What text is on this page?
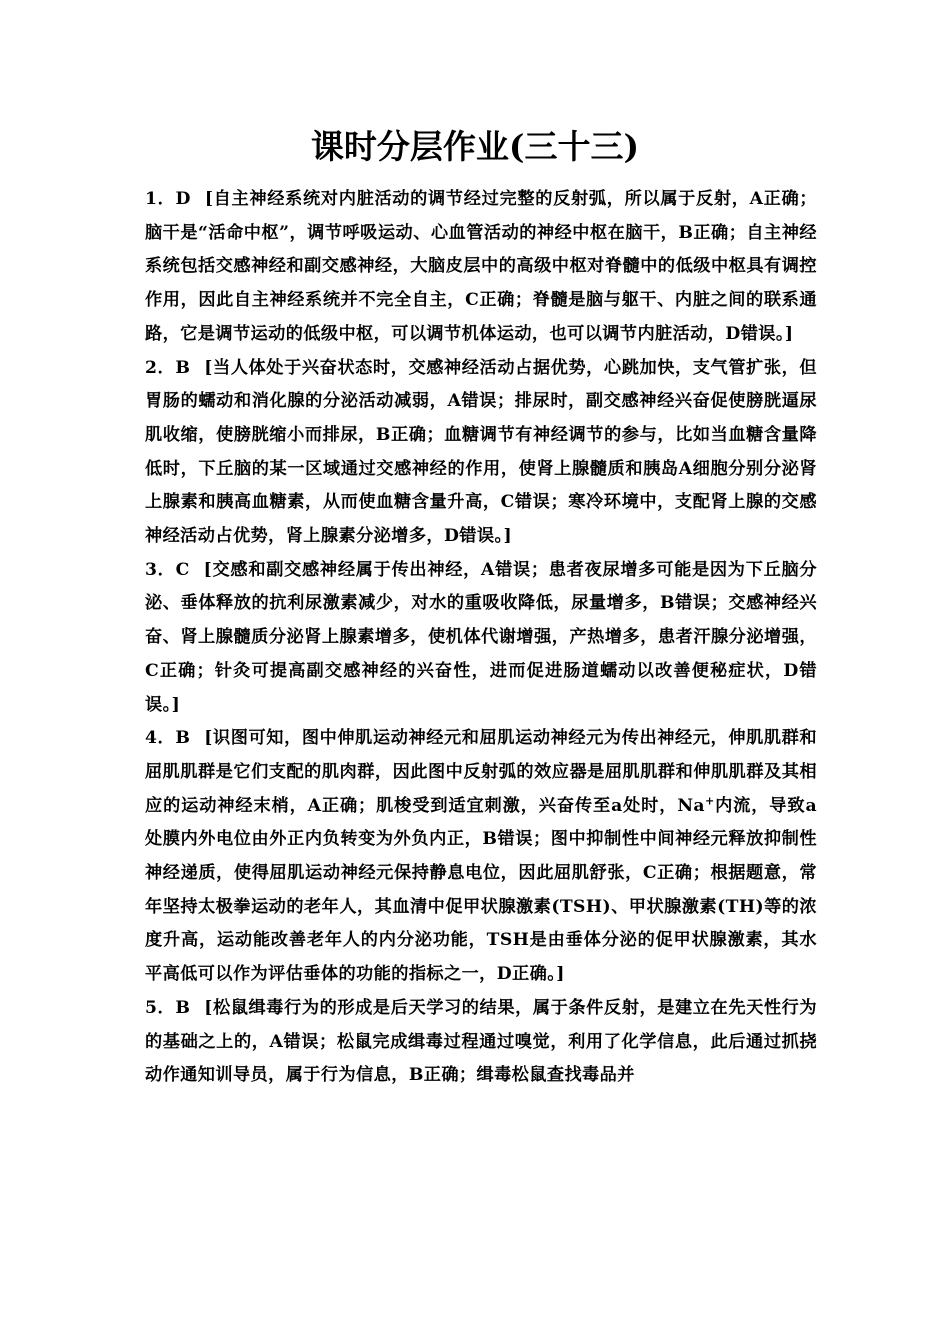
课时分层作业(三十三)

1．D [自主神经系统对内脏活动的调节经过完整的反射弧，所以属于反射，A正确；脑干是“活命中枢”，调节呼吸运动、心血管活动的神经中枢在脑干，B正确；自主神经系统包括交感神经和副交感神经，大脑皮层中的高级中枢对脊髓中的低级中枢具有调控作用，因此自主神经系统并不完全自主，C正确；脊髓是脑与躯干、内脏之间的联系通路，它是调节运动的低级中枢，可以调节机体运动，也可以调节内脏活动，D错误。]

2．B [当人体处于兴奋状态时，交感神经活动占据优势，心跳加快，支气管扩张，但胃肠的蠕动和消化腺的分泌活动减弱，A错误；排尿时，副交感神经兴奋促使膀胱逼尿肌收缩，使膀胱缩小而排尿，B正确；血糖调节有神经调节的参与，比如当血糖含量降低时，下丘脑的某一区域通过交感神经的作用，使肾上腺髓质和胰岛A细胞分别分泌肾上腺素和胰高血糖素，从而使血糖含量升高，C错误；寒冷环境中，支配肾上腺的交感神经活动占优势，肾上腺素分泌增多，D错误。]

3．C [交感和副交感神经属于传出神经，A错误；患者夜尿增多可能是因为下丘脑分泌、垂体释放的抗利尿激素减少，对水的重吸收降低，尿量增多，B错误；交感神经兴奋、肾上腺髓质分泌肾上腺素增多，使机体代谢增强，产热增多，患者汗腺分泌增强，C正确；针灸可提高副交感神经的兴奋性，进而促进肠道蠕动以改善便秘症状，D错误。]

4．B [识图可知，图中伸肌运动神经元和屈肌运动神经元为传出神经元，伸肌肌群和屈肌肌群是它们支配的肌肉群，因此图中反射弧的效应器是屈肌肌群和伸肌肌群及其相应的运动神经末梢，A正确；肌梭受到适宜刺激，兴奋传至a处时，Na+内流，导致a处膜内外电位由外正内负转变为外负内正，B错误；图中抑制性中间神经元释放抑制性神经递质，使得屈肌运动神经元保持静息电位，因此屈肌舒张，C正确；根据题意，常年坚持太极拳运动的老年人，其血清中促甲状腺激素(TSH)、甲状腺激素(TH)等的浓度升高，运动能改善老年人的内分泌功能，TSH是由垂体分泌的促甲状腺激素，其水平高低可以作为评估垂体的功能的指标之一，D正确。]

5．B [松鼠缉毒行为的形成是后天学习的结果，属于条件反射，是建立在先天性行为的基础之上的，A错误；松鼠完成缉毒过程通过嗅觉，利用了化学信息，此后通过抓挠动作通知训导员，属于行为信息，B正确；缉毒松鼠查找毒品并
